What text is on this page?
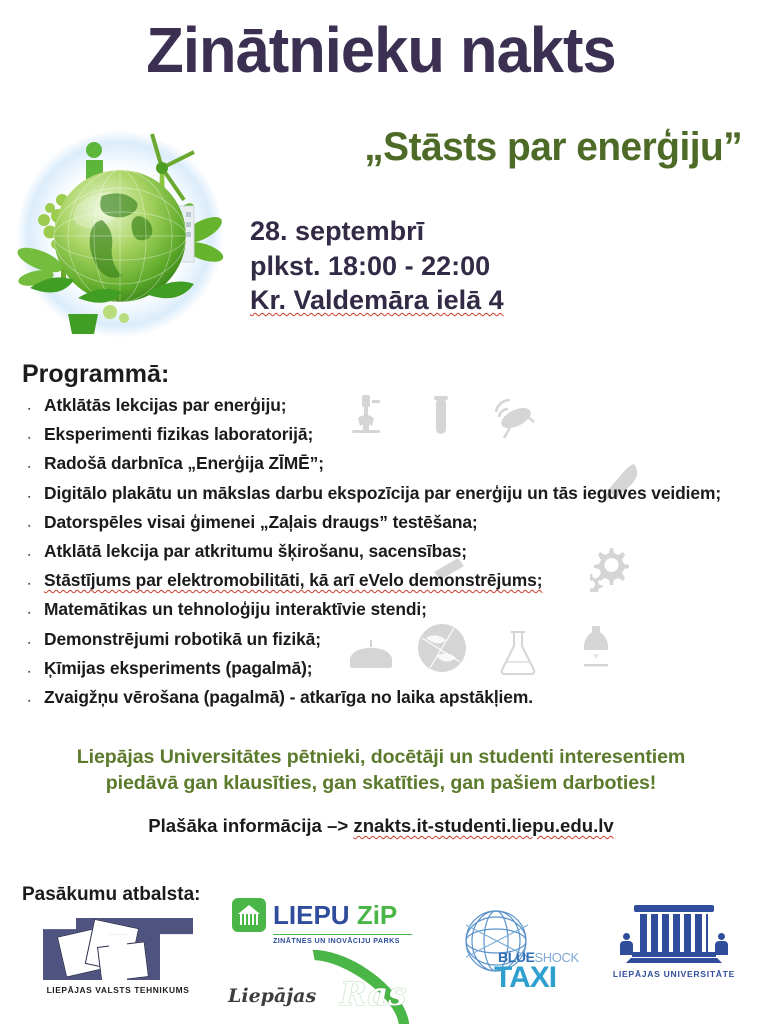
Zinātnieku nakts
„Stāsts par enerģiju”
28. septembrī
plkst. 18:00 - 22:00
Kr. Valdemāra ielā 4
Programmā:
▪
Atklātās lekcijas par enerģiju;
▪
Eksperimenti fizikas laboratorijā;
▪
Radošā darbnīca „Enerģija ZĪMĒ”;
▪
Digitālo plakātu un mākslas darbu ekspozīcija par enerģiju un tās ieguves veidiem;
▪
Datorspēles visai ģimenei „Zaļais draugs” testēšana;
▪
Atklātā lekcija par atkritumu šķirošanu, sacensības;
▪
Stāstījums par elektromobilitāti, kā arī eVelo demonstrējums;
▪
Matemātikas un tehnoloģiju interaktīvie stendi;
▪
Demonstrējumi robotikā un fizikā;
▪
Ķīmijas eksperiments (pagalmā);
▪
Zvaigžņu vērošana (pagalmā) - atkarīga no laika apstākļiem.
Liepājas Universitātes pētnieki, docētāji un studenti interesentiem
piedāvā gan klausīties, gan skatīties, gan pašiem darboties!
Plašāka informācija –> znakts.it-studenti.liepu.edu.lv
Pasākumu atbalsta:
LIEPĀJAS VALSTS TEHNIKUMS
LIEPU ZiP
ZINĀTNES UN INOVĀCIJU PARKS
Liepājas Ras
BLUESHOCK
TAXI	LIEPĀJAS UNIVERSITĀTE
